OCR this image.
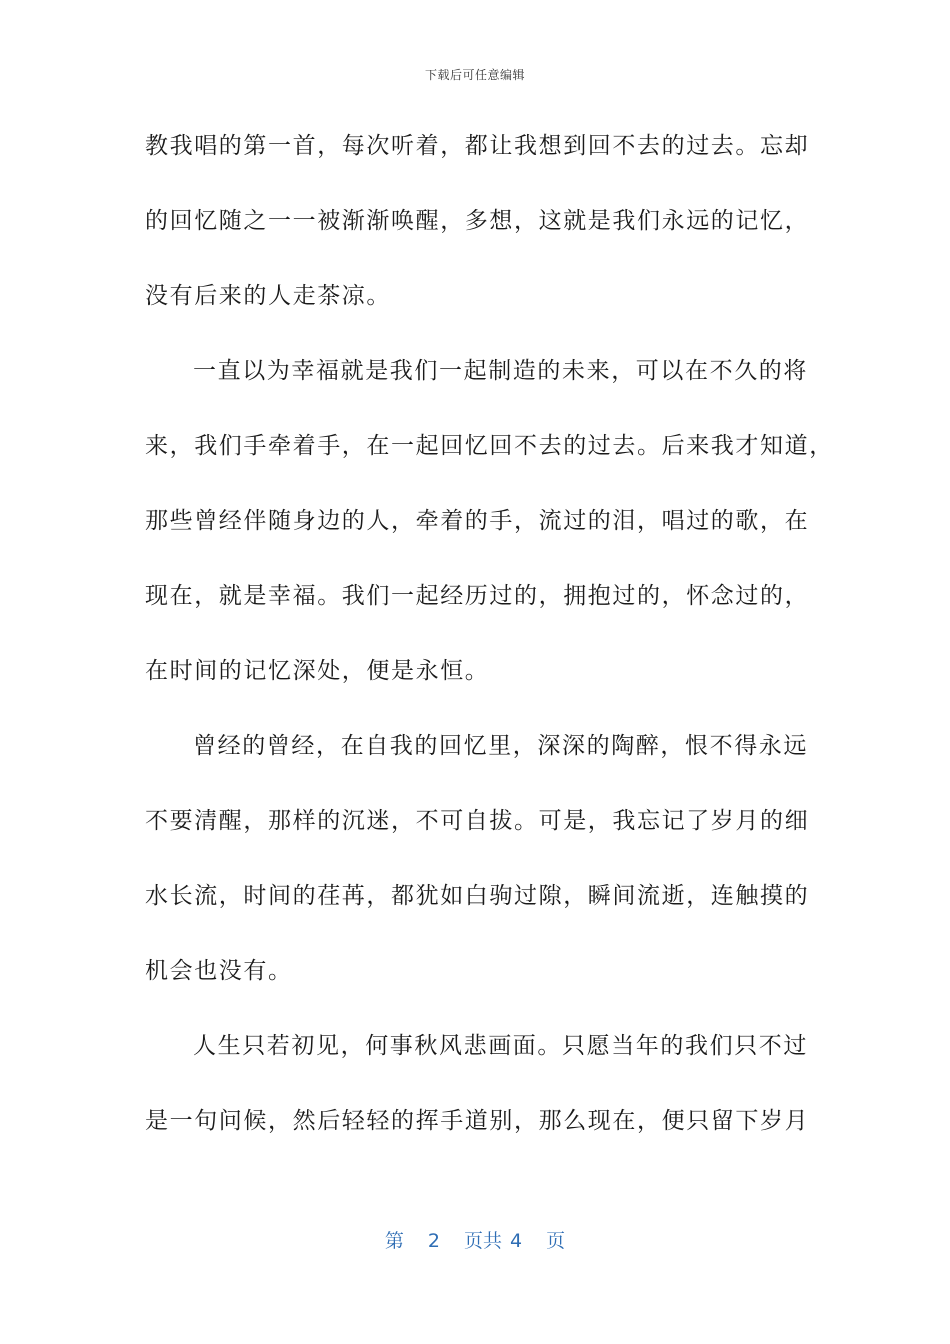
下载后可任意编辑
教我唱的第一首，每次听着，都让我想到回不去的过去。忘却
的回忆随之一一被渐渐唤醒，多想，这就是我们永远的记忆，
没有后来的人走茶凉。
一直以为幸福就是我们一起制造的未来，可以在不久的将
来，我们手牵着手，在一起回忆回不去的过去。后来我才知道，
那些曾经伴随身边的人，牵着的手，流过的泪，唱过的歌，在
现在，就是幸福。我们一起经历过的，拥抱过的，怀念过的，
在时间的记忆深处，便是永恒。
曾经的曾经，在自我的回忆里，深深的陶醉，恨不得永远
不要清醒，那样的沉迷，不可自拔。可是，我忘记了岁月的细
水长流，时间的荏苒，都犹如白驹过隙，瞬间流逝，连触摸的
机会也没有。
人生只若初见，何事秋风悲画面。只愿当年的我们只不过
是一句问候，然后轻轻的挥手道别，那么现在，便只留下岁月
第 2 页共 4 页
